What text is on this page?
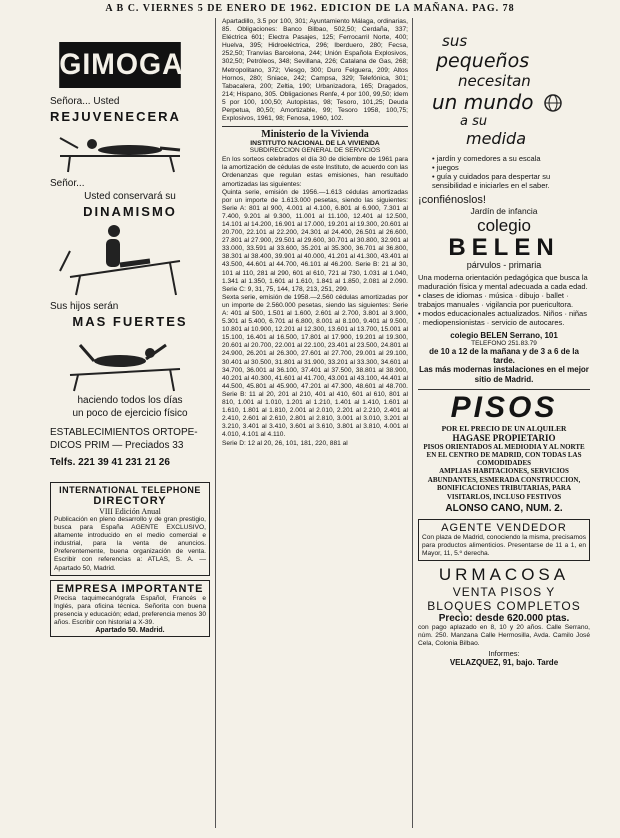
A B C. VIERNES 5 DE ENERO DE 1962. EDICION DE LA MAÑANA. PAG. 78
GIMOGAR
Señora... Usted
REJUVENECERA
Señor...
Usted conservará su
DINAMISMO
Sus hijos serán
MAS FUERTES
haciendo todos los días
un poco de ejercicio físico
ESTABLECIMIENTOS ORTOPE-
DICOS PRIM — Preciados 33
Telfs. 221 39 41 231 21 26
INTERNATIONAL TELEPHONE
DIRECTORY
VIII Edición Anual

Publicación en pleno desarrollo y de gran prestigio, busca para España AGENTE EXCLUSIVO, altamente introducido en el medio comercial e industrial, para la venta de anuncios. Preferentemente, buena organización de venta. Escribir con referencias a: ATLAS, S. A. — Apartado 50, Madrid.

EMPRESA IMPORTANTE

Precisa taquimecanógrafa Español, Francés e Inglés, para oficina técnica. Señorita con buena presencia y educación; edad, preferencia menos 30 años. Escribir con historial a X-39.

Apartado 50. Madrid.

Apartadillo, 3.5 por 100, 301; Ayuntamiento Málaga, ordinarias, 85. Obligaciones: Banco Bilbao, 502,50; Cerdaña, 337; Eléctrica 601; Electra Pasajes, 125; Ferrocarril Norte, 400; Huelva, 395; Hidroeléctrica, 296; Iberduero, 280; Fecsa, 252,50; Tranvías Barcelona, 244; Unión Española Explosivos, 302,50; Petróleos, 348; Sevillana, 226; Catalana de Gas, 268; Metropolitano, 372; Viesgo, 300; Duro Felguera, 209; Altos Hornos, 280; Sniace, 242; Campsa, 329; Telefónica, 301; Tabacalera, 200; Zeltia, 190; Urbanizadora, 165; Dragados, 214; Hispano, 305. Obligaciones Renfe, 4 por 100, 99,50; ídem 5 por 100, 100,50; Autopistas, 98; Tesoro, 101,25; Deuda Perpetua, 80,50; Amortizable, 99; Tesoro 1958, 100,75; Explosivos, 1961, 98; Fenosa, 1960, 102.

Ministerio de la Vivienda
INSTITUTO NACIONAL DE LA VIVIENDA
SUBDIRECCION GENERAL DE SERVICIOS

En los sorteos celebrados el día 30 de diciembre de 1961 para la amortización de cédulas de este Instituto, de acuerdo con las Ordenanzas que regulan estas emisiones, han resultado amortizadas las siguientes:

Quinta serie, emisión de 1956.—1.613 cédulas amortizadas por un importe de 1.613.000 pesetas, siendo las siguientes: Serie A: 801 al 900, 4.001 al 4.100, 6.801 al 6.900, 7.301 al 7.400, 9.201 al 9.300, 11.001 al 11.100, 12.401 al 12.500, 14.101 al 14.200, 16.901 al 17.000, 19.201 al 19.300, 20.601 al 20.700, 22.101 al 22.200, 24.301 al 24.400, 26.501 al 26.600, 27.801 al 27.900, 29.501 al 29.600, 30.701 al 30.800, 32.901 al 33.000, 33.591 al 33.600, 35.201 al 35.300, 36.701 al 36.800, 38.301 al 38.400, 39.901 al 40.000, 41.201 al 41.300, 43.401 al 43.500, 44.601 al 44.700, 46.101 al 46.200. Serie B: 21 al 30, 101 al 110, 281 al 290, 601 al 610, 721 al 730, 1.031 al 1.040, 1.341 al 1.350, 1.601 al 1.610, 1.841 al 1.850, 2.081 al 2.090. Serie C: 9, 31, 75, 144, 178, 213, 251, 299.

Sexta serie, emisión de 1958.—2.560 cédulas amortizadas por un importe de 2.560.000 pesetas, siendo las siguientes: Serie A: 401 al 500, 1.501 al 1.600, 2.601 al 2.700, 3.801 al 3.900, 5.301 al 5.400, 6.701 al 6.800, 8.001 al 8.100, 9.401 al 9.500, 10.801 al 10.900, 12.201 al 12.300, 13.601 al 13.700, 15.001 al 15.100, 16.401 al 16.500, 17.801 al 17.900, 19.201 al 19.300, 20.601 al 20.700, 22.001 al 22.100, 23.401 al 23.500, 24.801 al 24.900, 26.201 al 26.300, 27.601 al 27.700, 29.001 al 29.100, 30.401 al 30.500, 31.801 al 31.900, 33.201 al 33.300, 34.601 al 34.700, 36.001 al 36.100, 37.401 al 37.500, 38.801 al 38.900, 40.201 al 40.300, 41.601 al 41.700, 43.001 al 43.100, 44.401 al 44.500, 45.801 al 45.900, 47.201 al 47.300, 48.601 al 48.700. Serie B: 11 al 20, 201 al 210, 401 al 410, 601 al 610, 801 al 810, 1.001 al 1.010, 1.201 al 1.210, 1.401 al 1.410, 1.601 al 1.610, 1.801 al 1.810, 2.001 al 2.010, 2.201 al 2.210, 2.401 al 2.410, 2.601 al 2.610, 2.801 al 2.810, 3.001 al 3.010, 3.201 al 3.210, 3.401 al 3.410, 3.601 al 3.610, 3.801 al 3.810, 4.001 al 4.010, 4.101 al 4.110.

Serie D: 12 al 20, 26, 101, 181, 220, 881 al

sus
pequeños
necesitan
un mundo
a su
medida

• jardín y comedores a su escala

• juegos

• guía y cuidados para despertar su sensibilidad e iniciarles en el saber.

¡confiénoslos!
Jardín de infancia
colegio
BELEN
párvulos - primaria

Una moderna orientación pedagógica que busca la maduración física y mental adecuada a cada edad.

• clases de idiomas · música · dibujo · ballet · trabajos manuales · vigilancia por puericultora.

• modos educacionales actualizados. Niños · niñas · mediopensionistas · servicio de autocares.

colegio BELEN Serrano, 101
TELEFONO 251.83.79
de 10 a 12 de la mañana y de 3 a 6 de la tarde.
Las más modernas instalaciones en el mejor sitio de Madrid.
PISOS
POR EL PRECIO DE UN ALQUILER
HAGASE PROPIETARIO
PISOS ORIENTADOS AL MEDIODIA Y AL NORTE
EN EL CENTRO DE MADRID, CON TODAS LAS COMODIDADES
AMPLIAS HABITACIONES, SERVICIOS ABUNDANTES, ESMERADA CONSTRUCCION, BONIFICACIONES TRIBUTARIAS, PARA VISITARLOS, INCLUSO FESTIVOS
ALONSO CANO, NUM. 2.
AGENTE VENDEDOR

Con plaza de Madrid, conociendo la misma, precisamos para productos alimenticios. Presentarse de 11 a 1, en Mayor, 11, 5.º derecha.

URMACOSA
VENTA PISOS Y
BLOQUES COMPLETOS
Precio: desde 620.000 ptas.

con pago aplazado en 8, 10 y 20 años. Calle Serrano, núm. 250. Manzana Calle Hermosilla, Avda. Camilo José Cela, Colonia Bilbao.

Informes:
VELAZQUEZ, 91, bajo. Tarde
